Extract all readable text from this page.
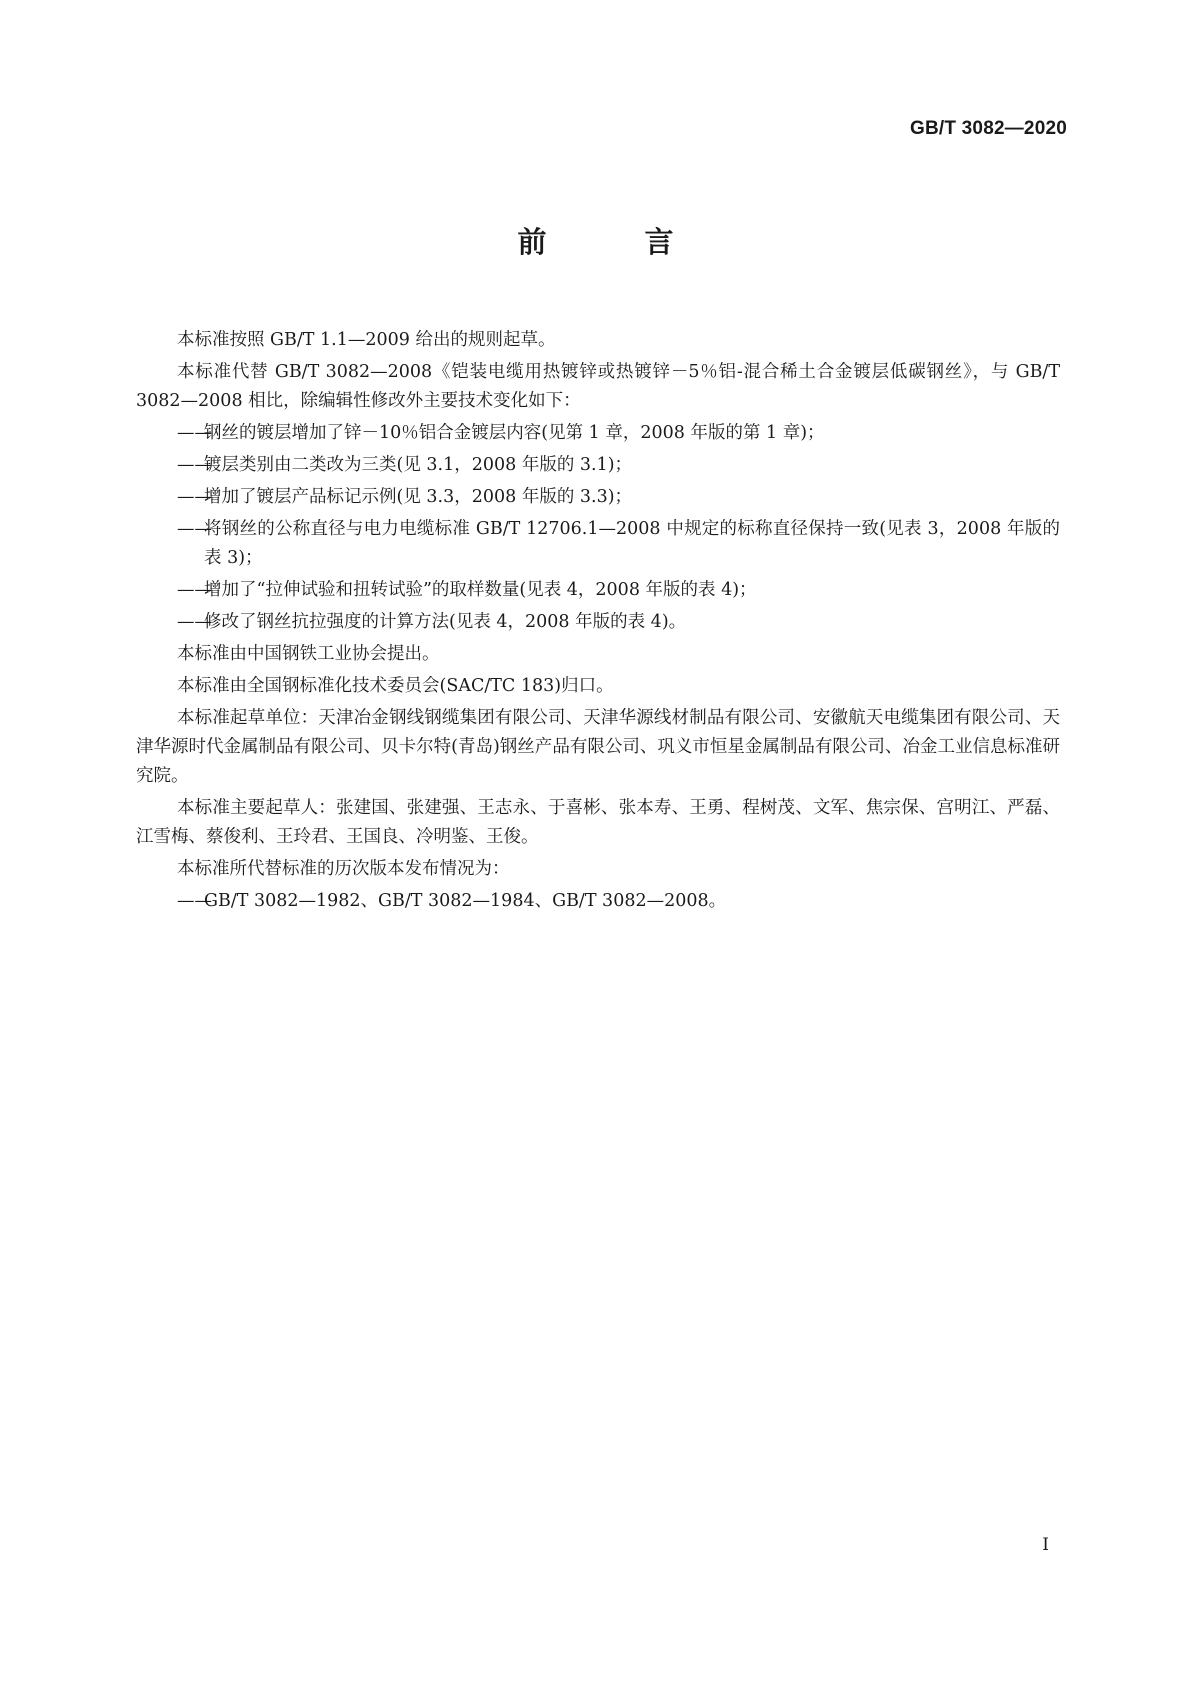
GB/T 3082—2020
前 言

本标准按照 GB/T 1.1—2009 给出的规则起草。

本标准代替 GB/T 3082—2008《铠装电缆用热镀锌或热镀锌－5％铝-混合稀土合金镀层低碳钢丝》，与 GB/T 3082—2008 相比，除编辑性修改外主要技术变化如下：

——
钢丝的镀层增加了锌－10％铝合金镀层内容(见第 1 章，2008 年版的第 1 章)；
——
镀层类别由二类改为三类(见 3.1，2008 年版的 3.1)；
——
增加了镀层产品标记示例(见 3.3，2008 年版的 3.3)；
——
将钢丝的公称直径与电力电缆标准 GB/T 12706.1—2008 中规定的标称直径保持一致(见表 3，2008 年版的表 3)；
——
增加了“拉伸试验和扭转试验”的取样数量(见表 4，2008 年版的表 4)；
——
修改了钢丝抗拉强度的计算方法(见表 4，2008 年版的表 4)。

本标准由中国钢铁工业协会提出。

本标准由全国钢标准化技术委员会(SAC/TC 183)归口。

本标准起草单位：天津冶金钢线钢缆集团有限公司、天津华源线材制品有限公司、安徽航天电缆集团有限公司、天津华源时代金属制品有限公司、贝卡尔特(青岛)钢丝产品有限公司、巩义市恒星金属制品有限公司、冶金工业信息标准研究院。

本标准主要起草人：张建国、张建强、王志永、于喜彬、张本寿、王勇、程树茂、文军、焦宗保、宫明江、严磊、江雪梅、蔡俊利、王玲君、王国良、冷明鉴、王俊。

本标准所代替标准的历次版本发布情况为：

——
GB/T 3082—1982、GB/T 3082—1984、GB/T 3082—2008。
I
